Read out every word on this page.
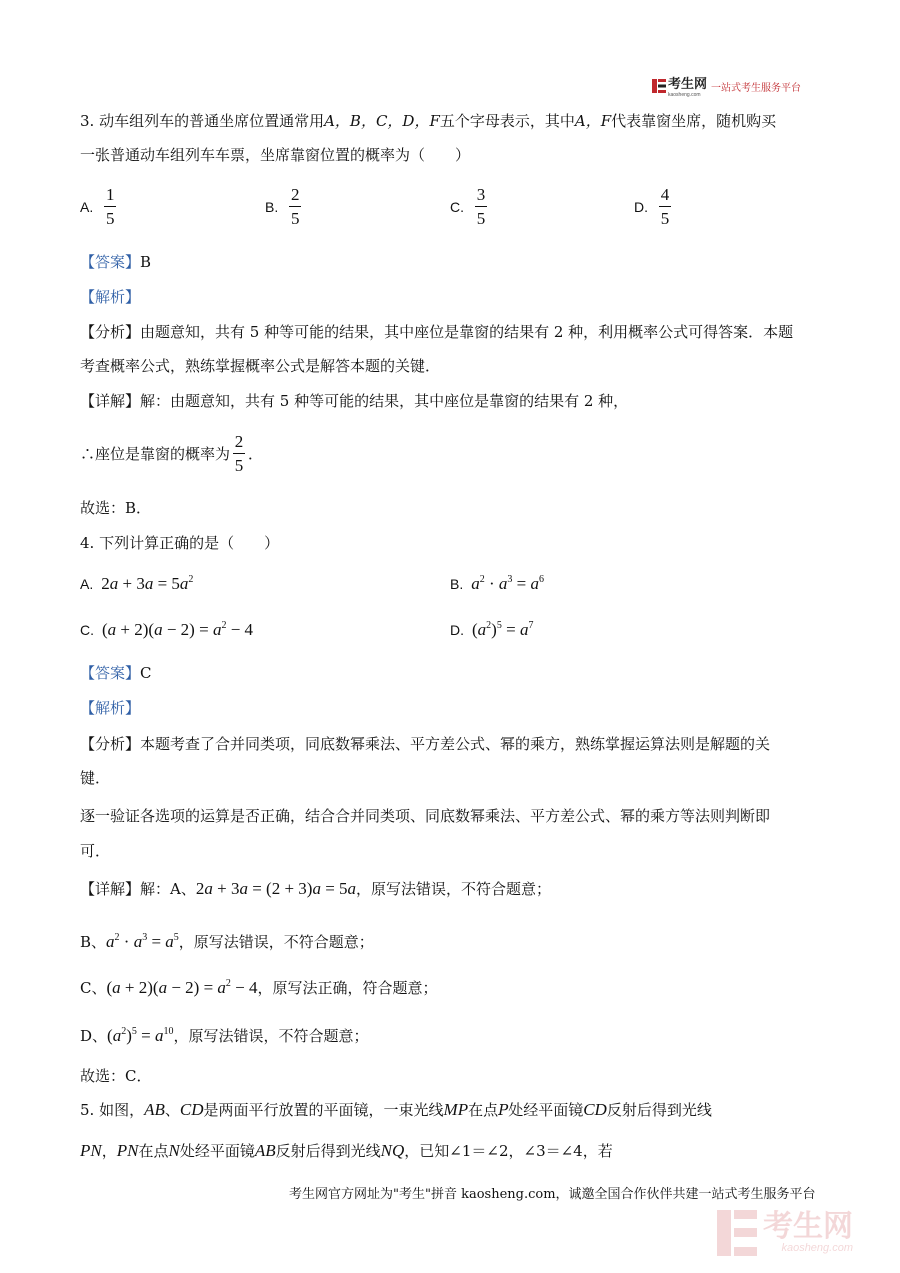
考生网
kaosheng.com
一站式考生服务平台
3. 动车组列车的普通坐席位置通常用A，B，C，D，F五个字母表示，其中A，F代表靠窗坐席，随机购买
一张普通动车组列车车票，坐席靠窗位置的概率为（　　）
A. $\frac{1}{5}$	B. $\frac{2}{5}$	C. $\frac{3}{5}$	D. $\frac{4}{5}$
【答案】B
【解析】
【分析】由题意知，共有 5 种等可能的结果，其中座位是靠窗的结果有 2 种，利用概率公式可得答案．本题
考查概率公式，熟练掌握概率公式是解答本题的关键．
【详解】解：由题意知，共有 5 种等可能的结果，其中座位是靠窗的结果有 2 种，
∴座位是靠窗的概率为 $\frac{2}{5}$ ．
故选：B．
4. 下列计算正确的是（　　）
A. $2a + 3a = 5a^2$	B. $a^2 \cdot a^3 = a^6$
C. $(a + 2)(a - 2) = a^2 - 4$	D. $(a^2)^5 = a^7$
【答案】C
【解析】
【分析】本题考查了合并同类项，同底数幂乘法、平方差公式、幂的乘方，熟练掌握运算法则是解题的关
键．
逐一验证各选项的运算是否正确，结合合并同类项、同底数幂乘法、平方差公式、幂的乘方等法则判断即
可．
【详解】解：A、2a + 3a = (2 + 3)a = 5a，原写法错误，不符合题意；
B、$a^2 \cdot a^3 = a^5$，原写法错误，不符合题意；
C、$(a + 2)(a - 2) = a^2 - 4$，原写法正确，符合题意；
D、$(a^2)^5 = a^{10}$，原写法错误，不符合题意；
故选：C．
5. 如图，AB、CD是两面平行放置的平面镜，一束光线MP在点P处经平面镜CD反射后得到光线
PN，PN在点N处经平面镜AB反射后得到光线NQ，已知∠1＝∠2，∠3＝∠4，若
考生网官方网址为"考生"拼音 kaosheng.com，诚邀全国合作伙伴共建一站式考生服务平台
考生网
kaosheng.com
